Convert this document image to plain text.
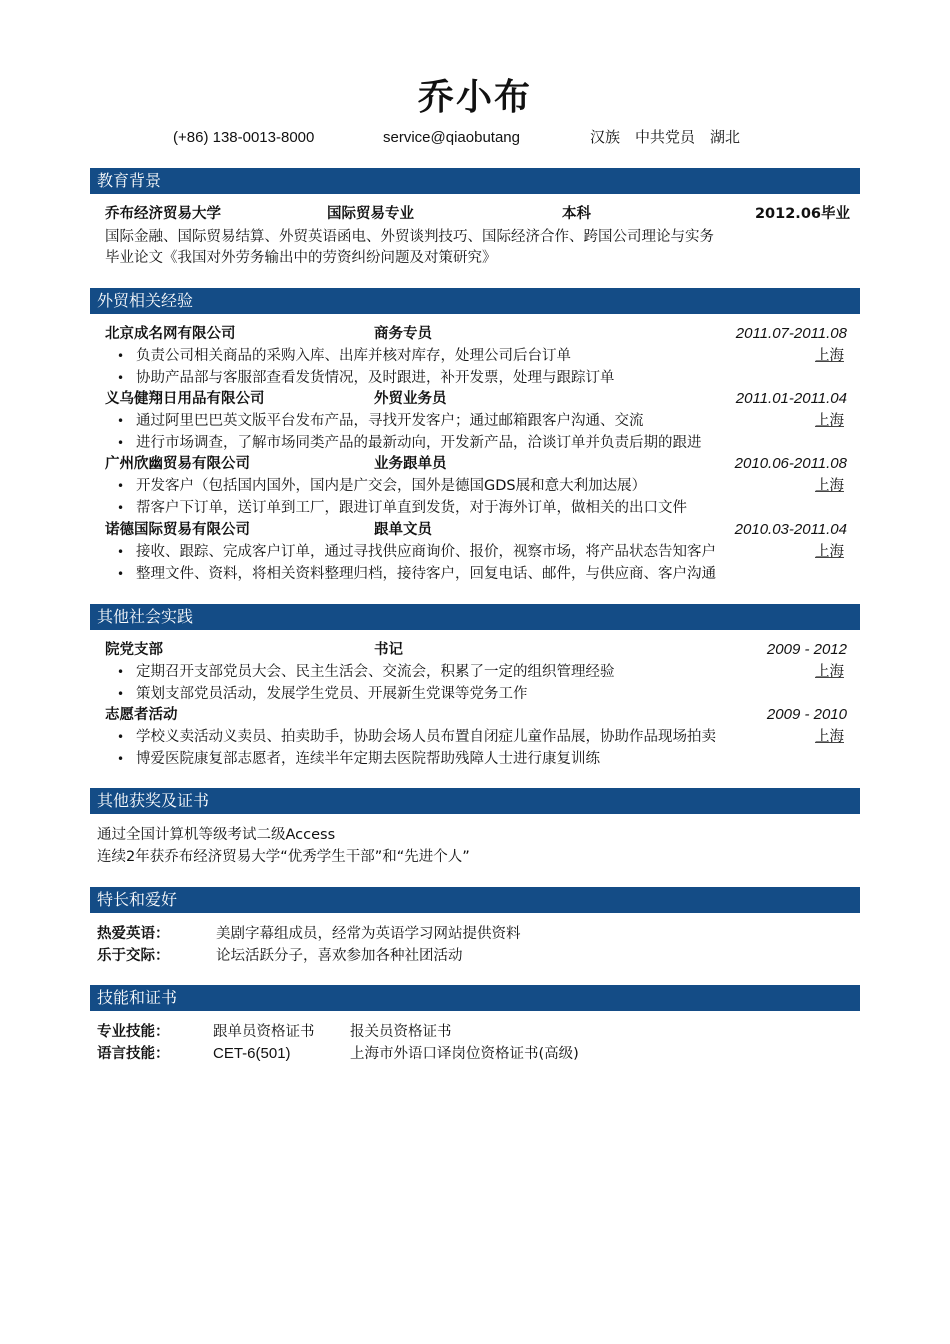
乔小布
(+86) 138-0013-8000	service@qiaobutang	汉族　中共党员　湖北
教育背景
乔布经济贸易大学	国际贸易专业	本科	2012.06毕业
国际金融、国际贸易结算、外贸英语函电、外贸谈判技巧、国际经济合作、跨国公司理论与实务
毕业论文《我国对外劳务输出中的劳资纠纷问题及对策研究》
外贸相关经验
北京成名网有限公司	商务专员	2011.07-2011.08
• 负责公司相关商品的采购入库、出库并核对库存，处理公司后台订单	上海
• 协助产品部与客服部查看发货情况，及时跟进，补开发票，处理与跟踪订单
义乌健翔日用品有限公司	外贸业务员	2011.01-2011.04
• 通过阿里巴巴英文版平台发布产品，寻找开发客户；通过邮箱跟客户沟通、交流	上海
• 进行市场调查，了解市场同类产品的最新动向，开发新产品，洽谈订单并负责后期的跟进
广州欣幽贸易有限公司	业务跟单员	2010.06-2011.08
• 开发客户（包括国内国外，国内是广交会，国外是德国GDS展和意大利加达展）	上海
• 帮客户下订单，送订单到工厂，跟进订单直到发货，对于海外订单，做相关的出口文件
诺德国际贸易有限公司	跟单文员	2010.03-2011.04
• 接收、跟踪、完成客户订单，通过寻找供应商询价、报价，视察市场，将产品状态告知客户	上海
• 整理文件、资料，将相关资料整理归档，接待客户，回复电话、邮件，与供应商、客户沟通
其他社会实践
院党支部	书记	2009 - 2012
• 定期召开支部党员大会、民主生活会、交流会，积累了一定的组织管理经验	上海
• 策划支部党员活动，发展学生党员、开展新生党课等党务工作
志愿者活动	2009 - 2010
• 学校义卖活动义卖员、拍卖助手，协助会场人员布置自闭症儿童作品展，协助作品现场拍卖	上海
• 博爱医院康复部志愿者，连续半年定期去医院帮助残障人士进行康复训练
其他获奖及证书
通过全国计算机等级考试二级Access
连续2年获乔布经济贸易大学“优秀学生干部”和“先进个人”
特长和爱好
热爱英语：	美剧字幕组成员，经常为英语学习网站提供资料
乐于交际：	论坛活跃分子，喜欢参加各种社团活动
技能和证书
专业技能：	跟单员资格证书 报关员资格证书
语言技能：	CET-6(501)	上海市外语口译岗位资格证书(高级)
